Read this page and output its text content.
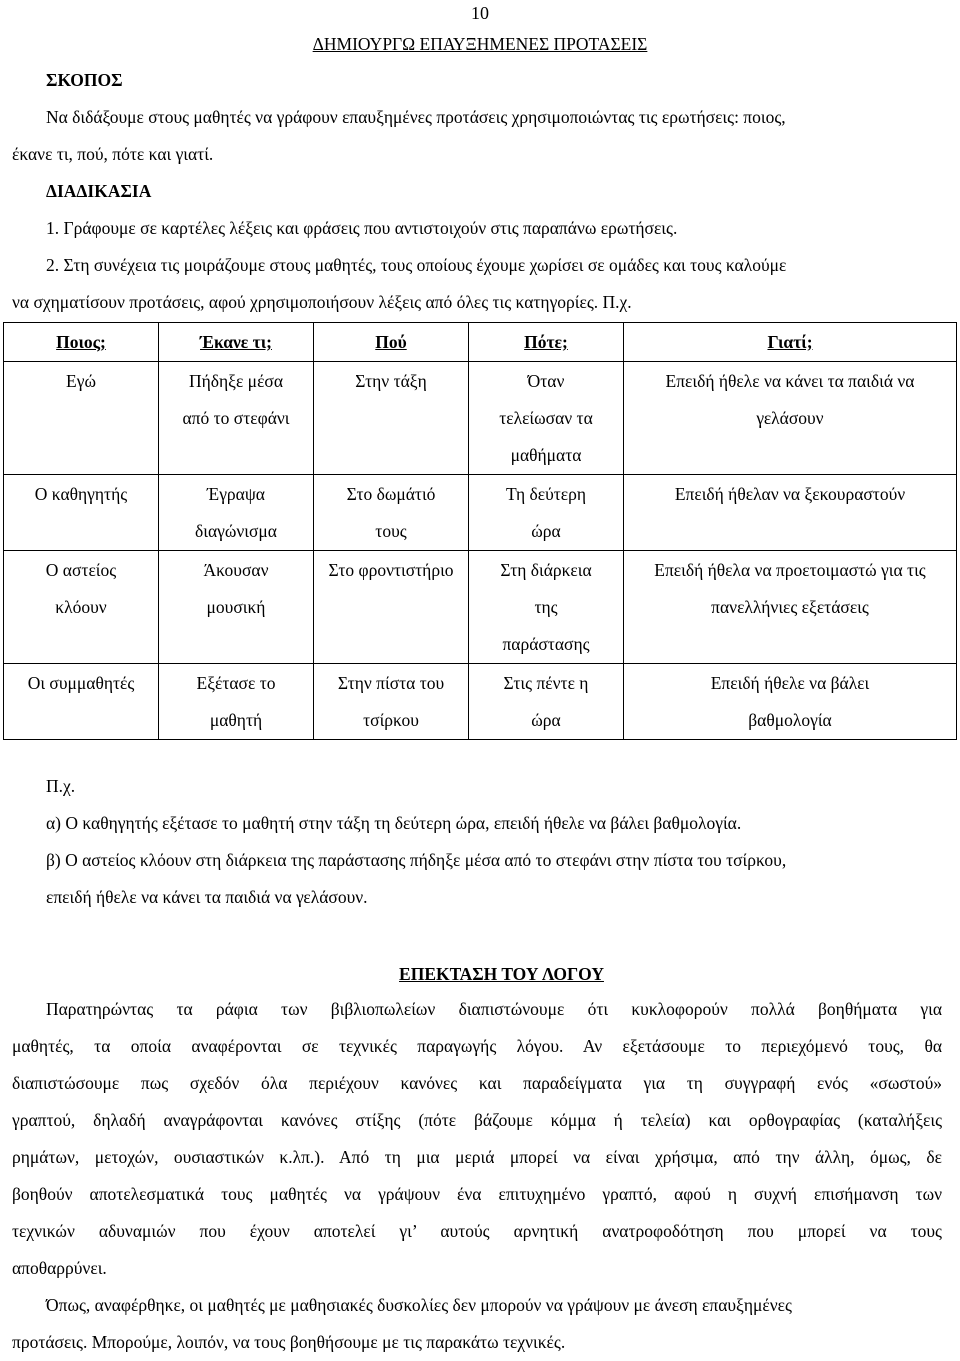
10
ΔΗΜΙΟΥΡΓΩ ΕΠΑΥΞΗΜΕΝΕΣ ΠΡΟΤΑΣΕΙΣ
ΣΚΟΠΟΣ
Να διδάξουμε στους μαθητές να γράφουν επαυξημένες προτάσεις χρησιμοποιώντας τις ερωτήσεις: ποιος,
έκανε τι, πού, πότε και γιατί.
ΔΙΑΔΙΚΑΣΙΑ
1. Γράφουμε σε καρτέλες λέξεις και φράσεις που αντιστοιχούν στις παραπάνω ερωτήσεις.
2. Στη συνέχεια τις μοιράζουμε στους μαθητές, τους οποίους έχουμε χωρίσει σε ομάδες και τους καλούμε
να σχηματίσουν προτάσεις, αφού χρησιμοποιήσουν λέξεις από όλες τις κατηγορίες. Π.χ.
Ποιος;	Έκανε τι;	Πού	Πότε;	Γιατί;
Εγώ	Πήδηξε μέσα από το στεφάνι	Στην τάξη	Όταν τελείωσαν τα μαθήματα	Επειδή ήθελε να κάνει τα παιδιά να γελάσουν
Ο καθηγητής	Έγραψα διαγώνισμα	Στο δωμάτιό τους	Τη δεύτερη ώρα	Επειδή ήθελαν να ξεκουραστούν
Ο αστείος κλόουν	Άκουσαν μουσική	Στο φροντιστήριο	Στη διάρκεια της παράστασης	Επειδή ήθελα να προετοιμαστώ για τις πανελλήνιες εξετάσεις
Οι συμμαθητές	Εξέτασε το μαθητή	Στην πίστα του τσίρκου	Στις πέντε η ώρα	Επειδή ήθελε να βάλει βαθμολογία
Π.χ.
α) Ο καθηγητής εξέτασε το μαθητή στην τάξη τη δεύτερη ώρα, επειδή ήθελε να βάλει βαθμολογία.
β) Ο αστείος κλόουν στη διάρκεια της παράστασης πήδηξε μέσα από το στεφάνι στην πίστα του τσίρκου,
επειδή ήθελε να κάνει τα παιδιά να γελάσουν.
ΕΠΕΚΤΑΣΗ ΤΟΥ ΛΟΓΟΥ
Παρατηρώντας τα ράφια των βιβλιοπωλείων διαπιστώνουμε ότι κυκλοφορούν πολλά βοηθήματα για
μαθητές, τα οποία αναφέρονται σε τεχνικές παραγωγής λόγου. Αν εξετάσουμε το περιεχόμενό τους, θα
διαπιστώσουμε πως σχεδόν όλα περιέχουν κανόνες και παραδείγματα για τη συγγραφή ενός «σωστού»
γραπτού, δηλαδή αναγράφονται κανόνες στίξης (πότε βάζουμε κόμμα ή τελεία) και ορθογραφίας (καταλήξεις
ρημάτων, μετοχών, ουσιαστικών κ.λπ.). Από τη μια μεριά μπορεί να είναι χρήσιμα, από την άλλη, όμως, δε
βοηθούν αποτελεσματικά τους μαθητές να γράψουν ένα επιτυχημένο γραπτό, αφού η συχνή επισήμανση των
τεχνικών αδυναμιών που έχουν αποτελεί γι’ αυτούς αρνητική ανατροφοδότηση που μπορεί να τους
αποθαρρύνει.
Όπως, αναφέρθηκε, οι μαθητές με μαθησιακές δυσκολίες δεν μπορούν να γράψουν με άνεση επαυξημένες
προτάσεις. Μπορούμε, λοιπόν, να τους βοηθήσουμε με τις παρακάτω τεχνικές.
